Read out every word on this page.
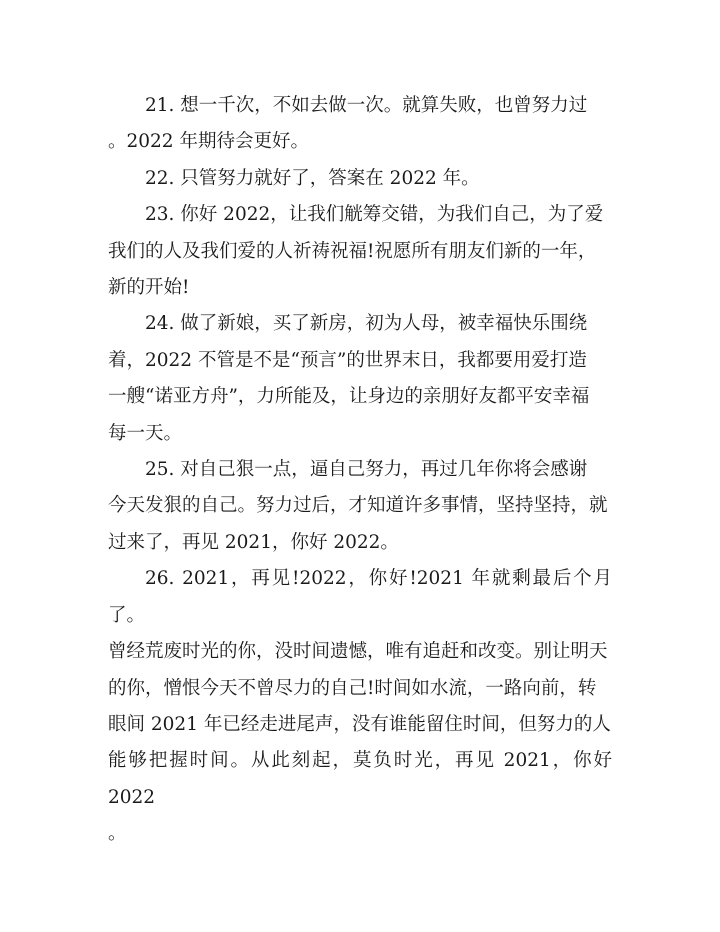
21. 想一千次，不如去做一次。就算失败，也曾努力过
。2022 年期待会更好。

22. 只管努力就好了，答案在 2022 年。

23. 你好 2022，让我们觥筹交错，为我们自己，为了爱
我们的人及我们爱的人祈祷祝福!祝愿所有朋友们新的一年，
新的开始!

24. 做了新娘，买了新房，初为人母，被幸福快乐围绕
着，2022 不管是不是“预言”的世界末日，我都要用爱打造
一艘“诺亚方舟”，力所能及，让身边的亲朋好友都平安幸福
每一天。

25. 对自己狠一点，逼自己努力，再过几年你将会感谢
今天发狠的自己。努力过后，才知道许多事情，坚持坚持，就
过来了，再见 2021，你好 2022。

26. 2021，再见!2022，你好!2021 年就剩最后个月了。
曾经荒废时光的你，没时间遗憾，唯有追赶和改变。别让明天
的你，憎恨今天不曾尽力的自己!时间如水流，一路向前，转
眼间 2021 年已经走进尾声，没有谁能留住时间，但努力的人
能够把握时间。从此刻起，莫负时光，再见 2021，你好 2022
。
